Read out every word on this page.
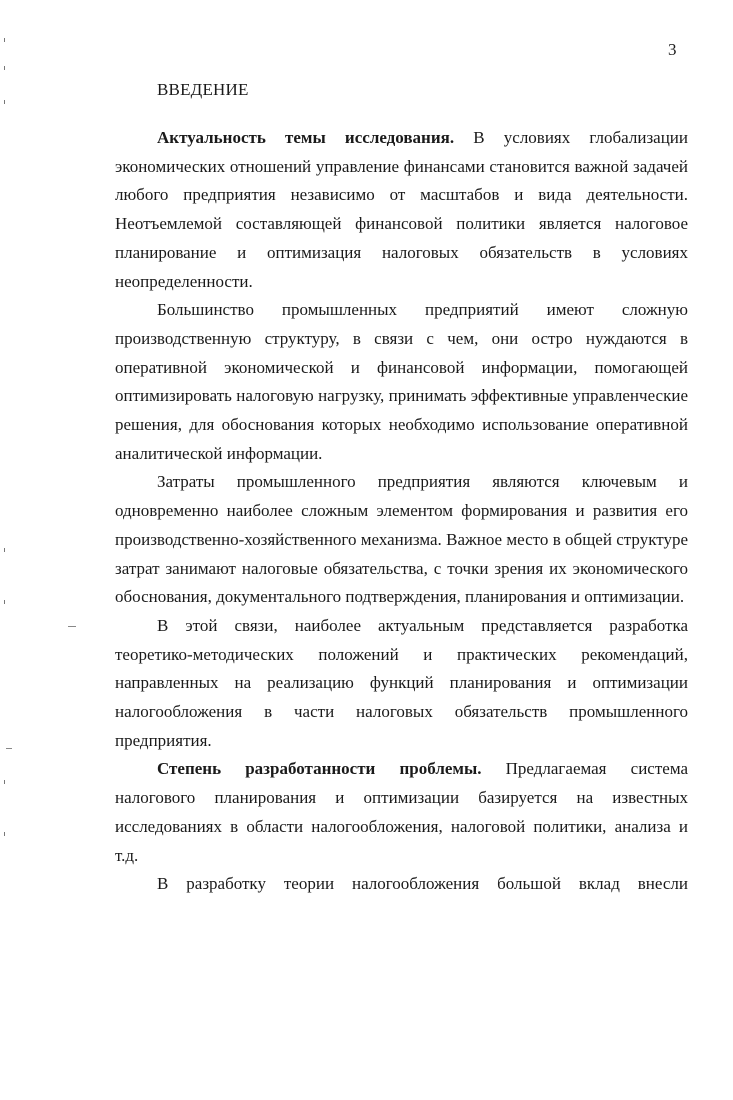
3
ВВЕДЕНИЕ

Актуальность темы исследования. В условиях глобализации экономических отношений управление финансами становится важной задачей любого предприятия независимо от масштабов и вида деятельности. Неотъемлемой составляющей финансовой политики является налоговое планирование и оптимизация налоговых обязательств в условиях неопределенности.

Большинство промышленных предприятий имеют сложную производственную структуру, в связи с чем, они остро нуждаются в оперативной экономической и финансовой информации, помогающей оптимизировать налоговую нагрузку, принимать эффективные управленческие решения, для обоснования которых необходимо использование оперативной аналитической информации.

Затраты промышленного предприятия являются ключевым и одновременно наиболее сложным элементом формирования и развития его производственно-хозяйственного механизма. Важное место в общей структуре затрат занимают налоговые обязательства, с точки зрения их экономического обоснования, документального подтверждения, планирования и оптимизации.

В этой связи, наиболее актуальным представляется разработка теоретико-методических положений и практических рекомендаций, направленных на реализацию функций планирования и оптимизации налогообложения в части налоговых обязательств промышленного предприятия.

Степень разработанности проблемы. Предлагаемая система налогового планирования и оптимизации базируется на известных исследованиях в области налогообложения, налоговой политики, анализа и т.д.

В разработку теории налогообложения большой вклад внесли
